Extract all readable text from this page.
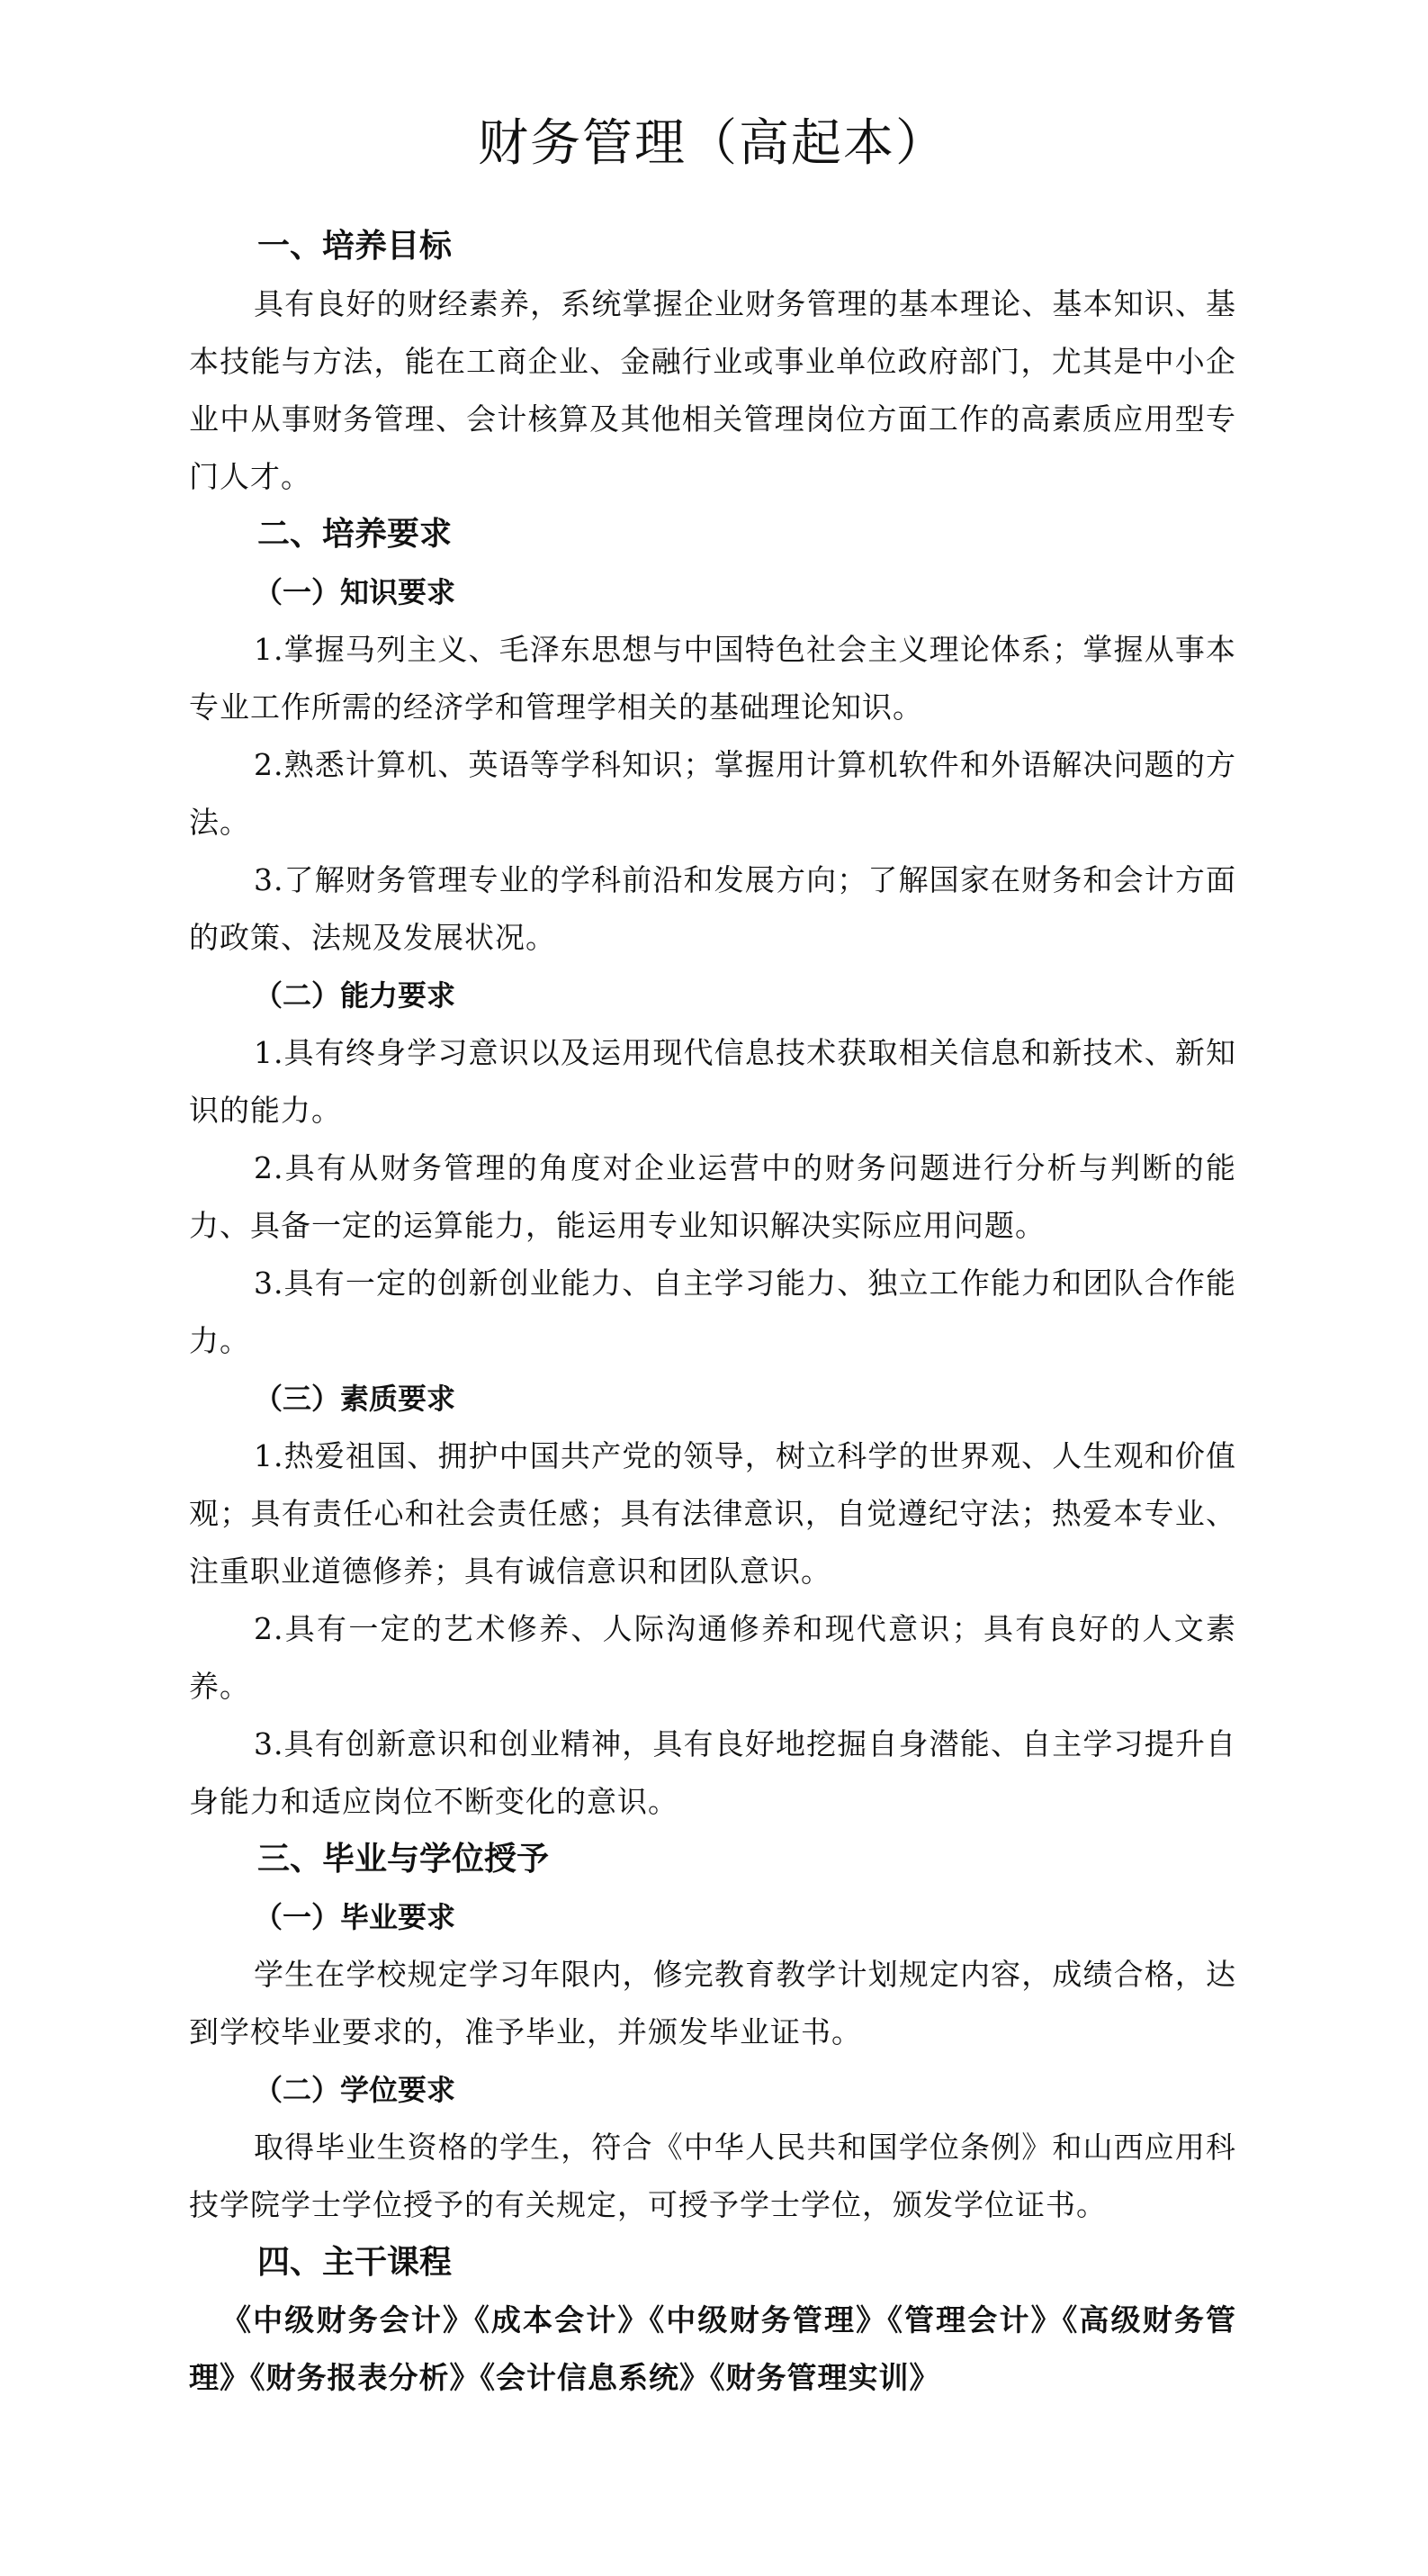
财务管理（高起本）
一、培养目标

具有良好的财经素养，系统掌握企业财务管理的基本理论、基本知识、基本技能与方法，能在工商企业、金融行业或事业单位政府部门，尤其是中小企业中从事财务管理、会计核算及其他相关管理岗位方面工作的高素质应用型专门人才。

二、培养要求
（一）知识要求

1.掌握马列主义、毛泽东思想与中国特色社会主义理论体系；掌握从事本专业工作所需的经济学和管理学相关的基础理论知识。

2.熟悉计算机、英语等学科知识；掌握用计算机软件和外语解决问题的方法。

3.了解财务管理专业的学科前沿和发展方向；了解国家在财务和会计方面的政策、法规及发展状况。

（二）能力要求

1.具有终身学习意识以及运用现代信息技术获取相关信息和新技术、新知识的能力。

2.具有从财务管理的角度对企业运营中的财务问题进行分析与判断的能力、具备一定的运算能力，能运用专业知识解决实际应用问题。

3.具有一定的创新创业能力、自主学习能力、独立工作能力和团队合作能力。

（三）素质要求

1.热爱祖国、拥护中国共产党的领导，树立科学的世界观、人生观和价值观；具有责任心和社会责任感；具有法律意识，自觉遵纪守法；热爱本专业、注重职业道德修养；具有诚信意识和团队意识。

2.具有一定的艺术修养、人际沟通修养和现代意识；具有良好的人文素养。

3.具有创新意识和创业精神，具有良好地挖掘自身潜能、自主学习提升自身能力和适应岗位不断变化的意识。

三、毕业与学位授予
（一）毕业要求

学生在学校规定学习年限内，修完教育教学计划规定内容，成绩合格，达到学校毕业要求的，准予毕业，并颁发毕业证书。

（二）学位要求

取得毕业生资格的学生，符合《中华人民共和国学位条例》和山西应用科技学院学士学位授予的有关规定，可授予学士学位，颁发学位证书。

四、主干课程

《中级财务会计》《成本会计》《中级财务管理》《管理会计》《高级财务管理》《财务报表分析》《会计信息系统》《财务管理实训》
